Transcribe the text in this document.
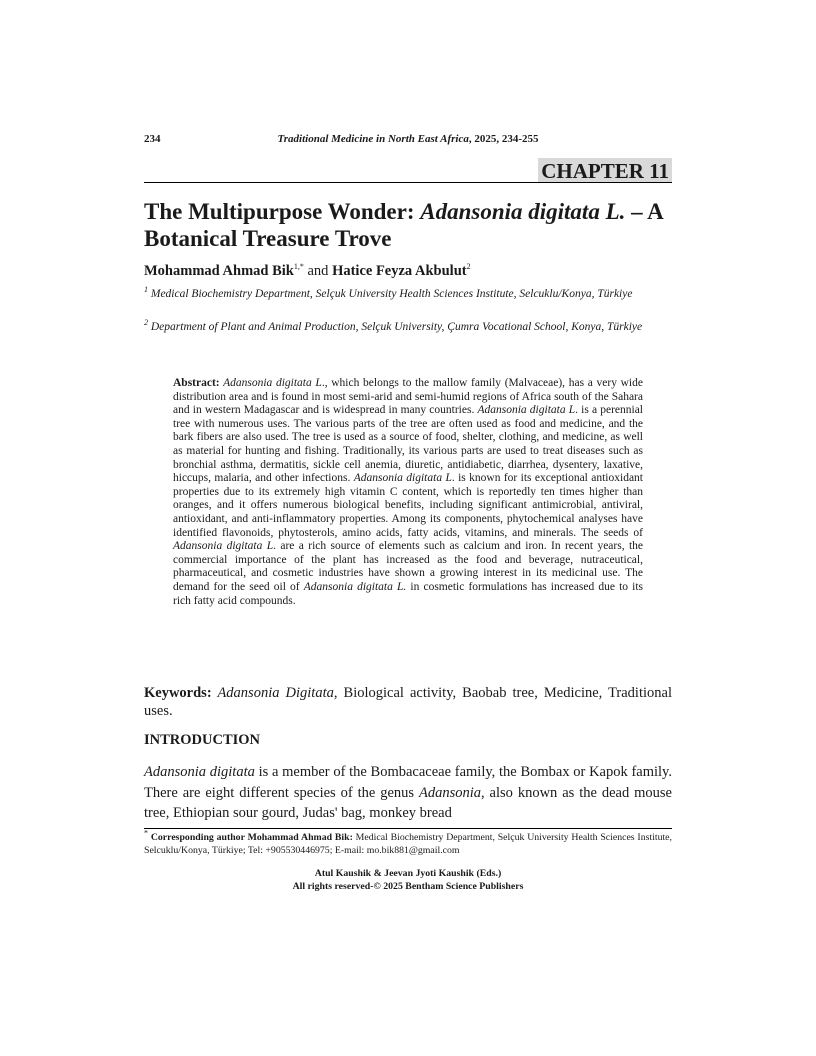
234	Traditional Medicine in North East Africa, 2025, 234-255
CHAPTER 11
The Multipurpose Wonder: Adansonia digitata L. – A Botanical Treasure Trove
Mohammad Ahmad Bik$^{1,*}$ and Hatice Feyza Akbulut$^2$
$^1$ Medical Biochemistry Department, Selçuk University Health Sciences Institute, Selcuklu/Konya, Türkiye
$^2$ Department of Plant and Animal Production, Selçuk University, Çumra Vocational School, Konya, Türkiye
Abstract: Adansonia digitata L., which belongs to the mallow family (Malvaceae), has a very wide distribution area and is found in most semi-arid and semi-humid regions of Africa south of the Sahara and in western Madagascar and is widespread in many countries. Adansonia digitata L. is a perennial tree with numerous uses. The various parts of the tree are often used as food and medicine, and the bark fibers are also used. The tree is used as a source of food, shelter, clothing, and medicine, as well as material for hunting and fishing. Traditionally, its various parts are used to treat diseases such as bronchial asthma, dermatitis, sickle cell anemia, diuretic, antidiabetic, diarrhea, dysentery, laxative, hiccups, malaria, and other infections. Adansonia digitata L. is known for its exceptional antioxidant properties due to its extremely high vitamin C content, which is reportedly ten times higher than oranges, and it offers numerous biological benefits, including significant antimicrobial, antiviral, antioxidant, and anti-inflammatory properties. Among its components, phytochemical analyses have identified flavonoids, phytosterols, amino acids, fatty acids, vitamins, and minerals. The seeds of Adansonia digitata L. are a rich source of elements such as calcium and iron. In recent years, the commercial importance of the plant has increased as the food and beverage, nutraceutical, pharmaceutical, and cosmetic industries have shown a growing interest in its medicinal use. The demand for the seed oil of Adansonia digitata L. in cosmetic formulations has increased due to its rich fatty acid compounds.
Keywords: Adansonia Digitata, Biological activity, Baobab tree, Medicine, Traditional uses.
INTRODUCTION
Adansonia digitata is a member of the Bombacaceae family, the Bombax or Kapok family. There are eight different species of the genus Adansonia, also known as the dead mouse tree, Ethiopian sour gourd, Judas' bag, monkey bread
* Corresponding author Mohammad Ahmad Bik: Medical Biochemistry Department, Selçuk University Health Sciences Institute, Selcuklu/Konya, Türkiye; Tel: +905530446975; E-mail: mo.bik881@gmail.com
Atul Kaushik & Jeevan Jyoti Kaushik (Eds.)
All rights reserved-© 2025 Bentham Science Publishers
